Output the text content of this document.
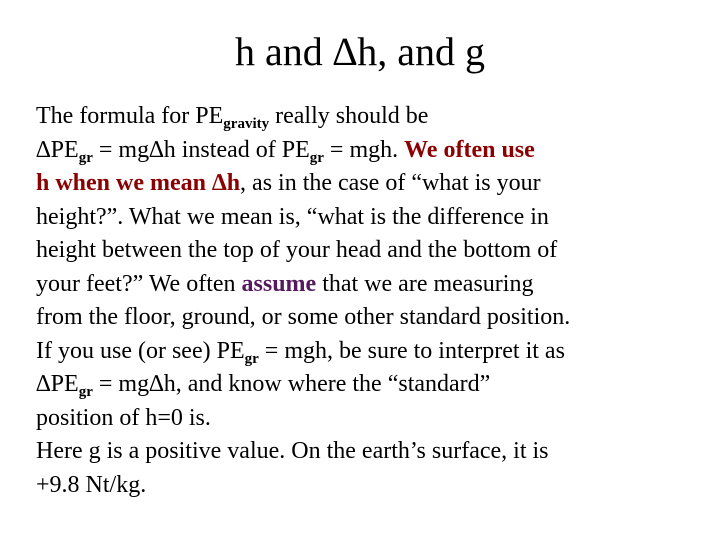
h and ∆h, and g

The formula for $PE_{gravity}$ really should be
$\Delta PE_{gr} = mg\Delta h$ instead of $PE_{gr}$ = mgh. We often use
h when we mean ∆h, as in the case of “what is your
height?”. What we mean is, “what is the difference in
height between the top of your head and the bottom of
your feet?” We often assume that we are measuring
from the floor, ground, or some other standard position.
If you use (or see) $PE_{gr}$ = mgh, be sure to interpret it as
$\Delta PE_{gr} = mg\Delta h$, and know where the “standard”
position of h=0 is.

Here g is a positive value. On the earth’s surface, it is
+9.8 Nt/kg.
